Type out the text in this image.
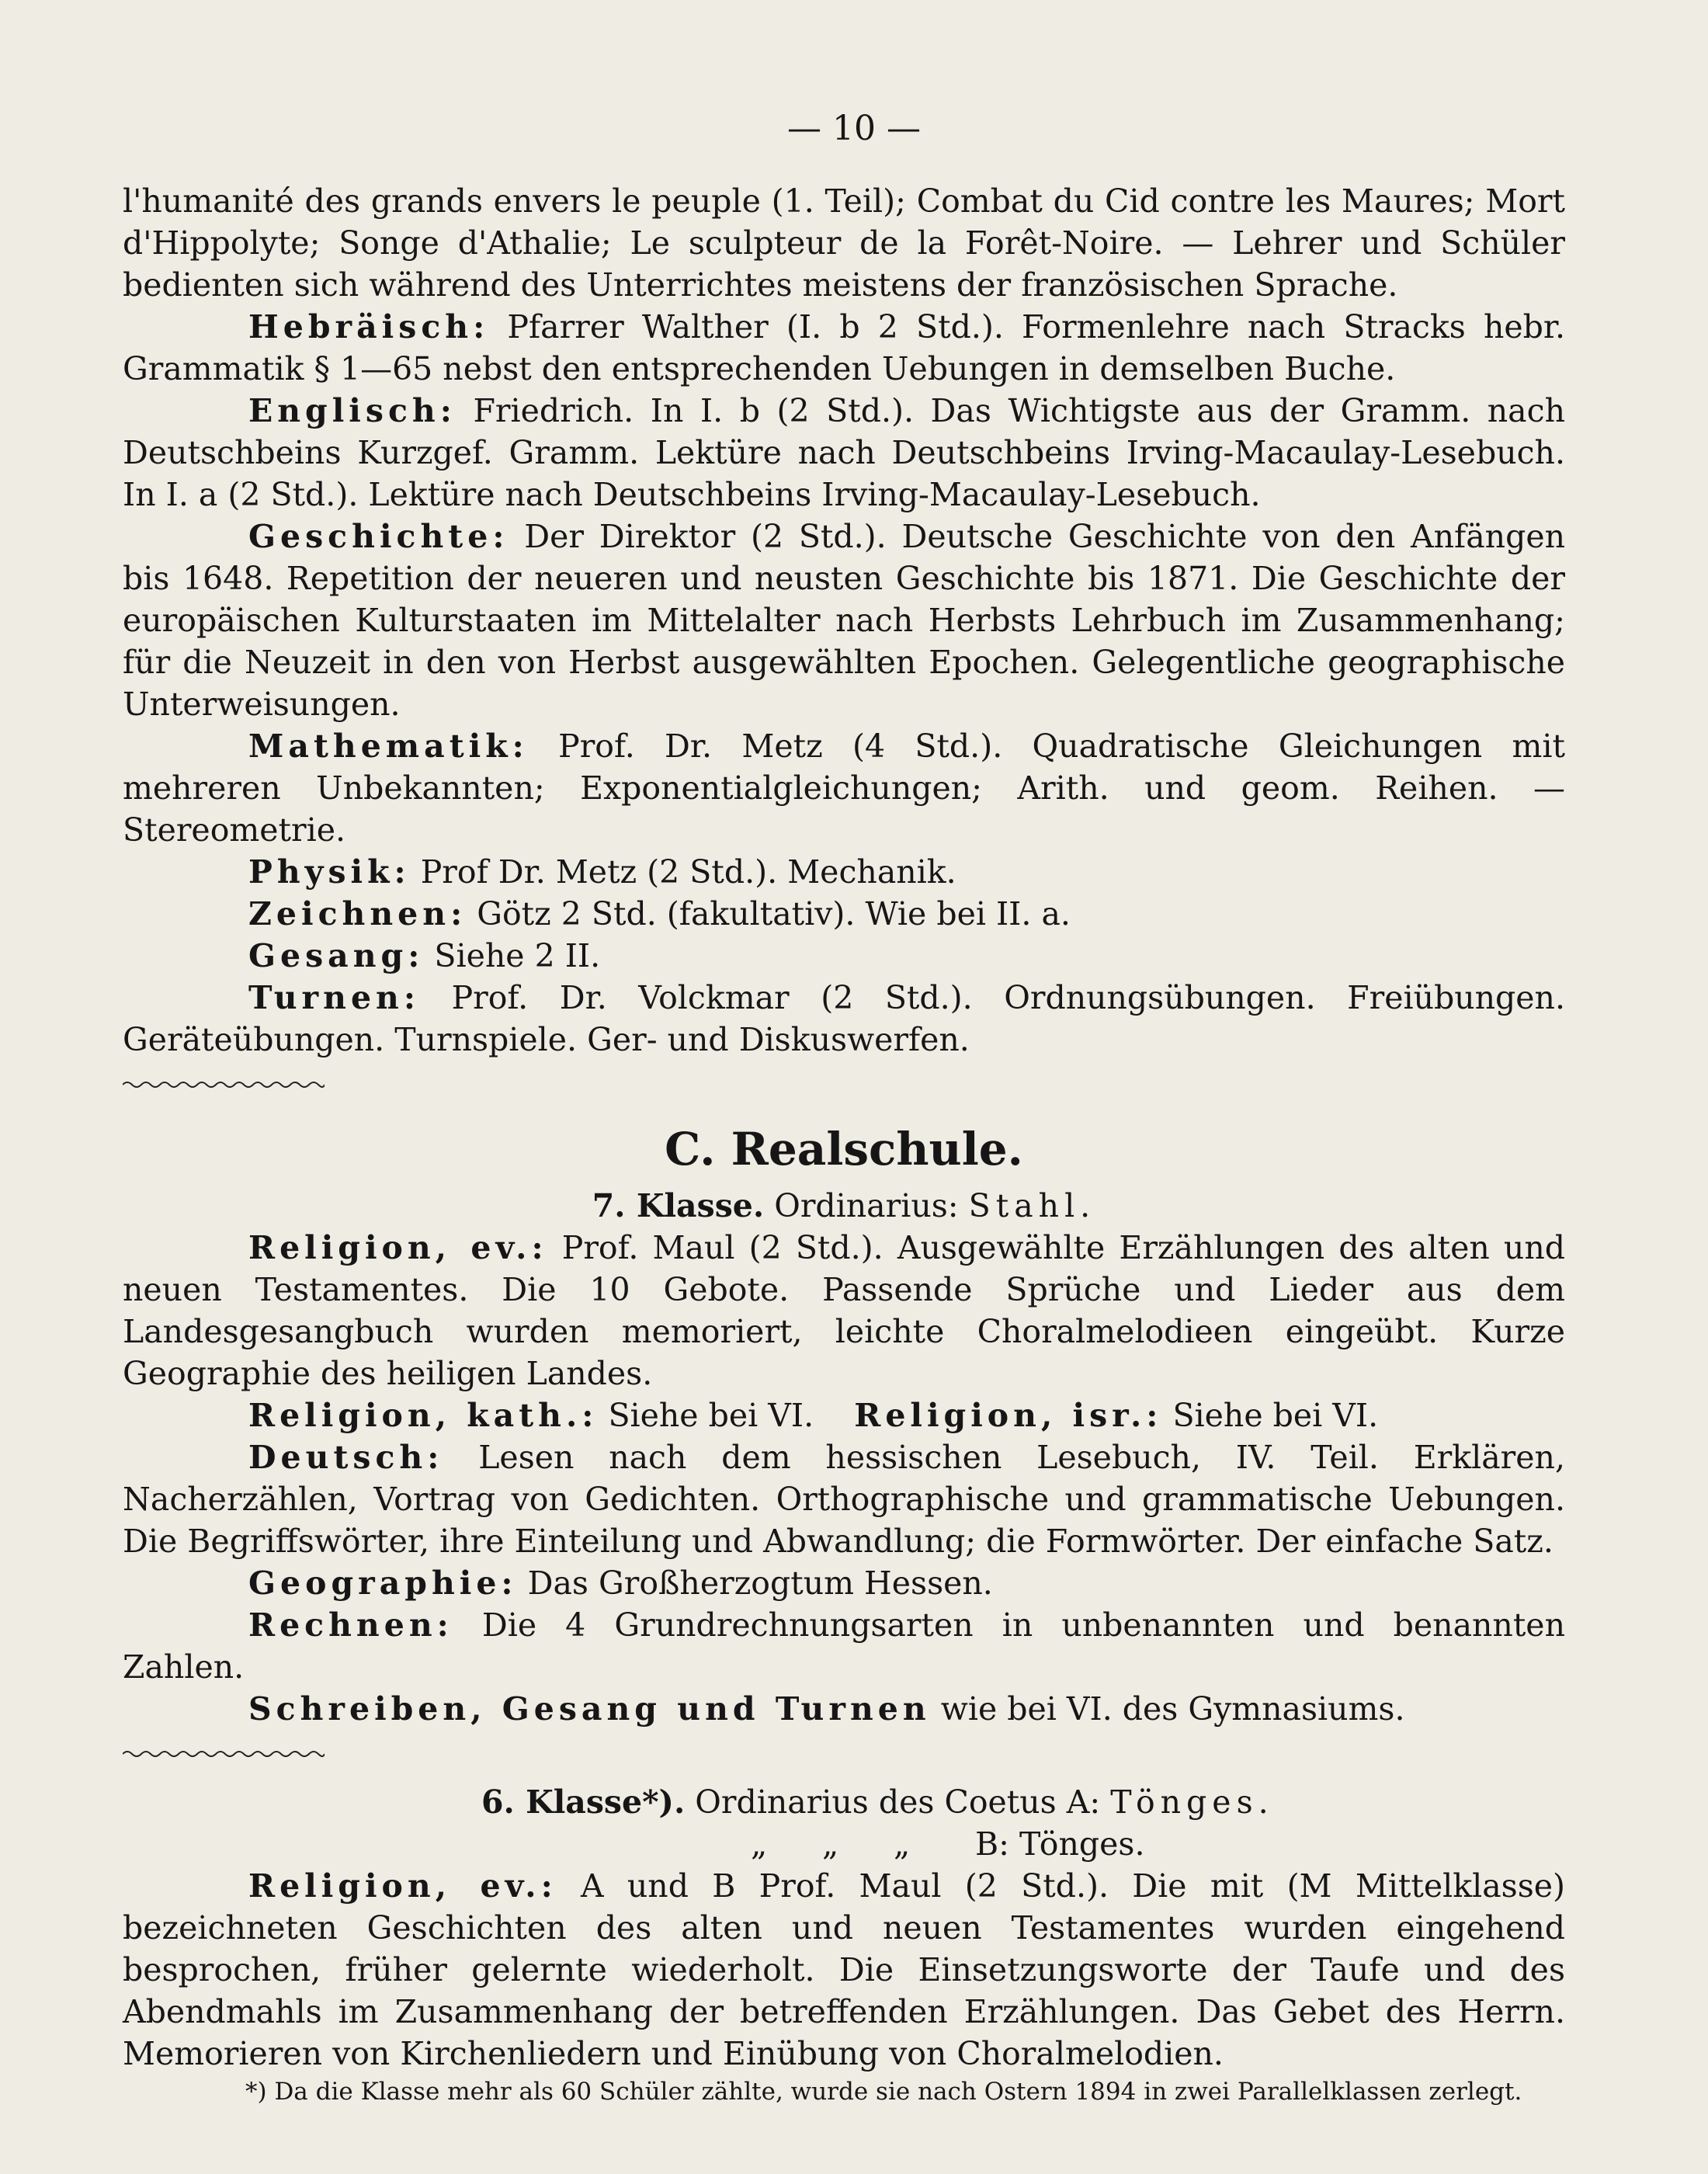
— 10 —

l'humanité des grands envers le peuple (1. Teil); Combat du Cid contre les Maures; Mort d'Hippolyte; Songe d'Athalie; Le sculpteur de la Forêt-Noire. — Lehrer und Schüler bedienten sich während des Unterrichtes meistens der französischen Sprache.

Hebräisch: Pfarrer Walther (I. b 2 Std.). Formenlehre nach Stracks hebr. Grammatik § 1—65 nebst den entsprechenden Uebungen in demselben Buche.

Englisch: Friedrich. In I. b (2 Std.). Das Wichtigste aus der Gramm. nach Deutschbeins Kurzgef. Gramm. Lektüre nach Deutschbeins Irving-Macaulay-Lesebuch. In I. a (2 Std.). Lektüre nach Deutschbeins Irving-Macaulay-Lesebuch.

Geschichte: Der Direktor (2 Std.). Deutsche Geschichte von den Anfängen bis 1648. Repetition der neueren und neusten Geschichte bis 1871. Die Geschichte der europäischen Kulturstaaten im Mittelalter nach Herbsts Lehrbuch im Zusammenhang; für die Neuzeit in den von Herbst ausgewählten Epochen. Gelegentliche geographische Unterweisungen.

Mathematik: Prof. Dr. Metz (4 Std.). Quadratische Gleichungen mit mehreren Unbekannten; Exponentialgleichungen; Arith. und geom. Reihen. — Stereometrie.

Physik: Prof Dr. Metz (2 Std.). Mechanik.

Zeichnen: Götz 2 Std. (fakultativ). Wie bei II. a.

Gesang: Siehe 2 II.

Turnen: Prof. Dr. Volckmar (2 Std.). Ordnungsübungen. Freiübungen. Geräteübungen. Turnspiele. Ger- und Diskuswerfen.

C. Realschule.

7. Klasse. Ordinarius: Stahl.

Religion, ev.: Prof. Maul (2 Std.). Ausgewählte Erzählungen des alten und neuen Testamentes. Die 10 Gebote. Passende Sprüche und Lieder aus dem Landesgesangbuch wurden memoriert, leichte Choralmelodieen eingeübt. Kurze Geographie des heiligen Landes.

Religion, kath.: Siehe bei VI. Religion, isr.: Siehe bei VI.

Deutsch: Lesen nach dem hessischen Lesebuch, IV. Teil. Erklären, Nacherzählen, Vortrag von Gedichten. Orthographische und grammatische Uebungen. Die Begriffswörter, ihre Einteilung und Abwandlung; die Formwörter. Der einfache Satz.

Geographie: Das Großherzogtum Hessen.

Rechnen: Die 4 Grundrechnungsarten in unbenannten und benannten Zahlen.

Schreiben, Gesang und Turnen wie bei VI. des Gymnasiums.

6. Klasse*). Ordinarius des Coetus A: Tönges.

„ „ „ B: Tönges.

Religion, ev.: A und B Prof. Maul (2 Std.). Die mit (M Mittelklasse) bezeichneten Geschichten des alten und neuen Testamentes wurden eingehend besprochen, früher gelernte wiederholt. Die Einsetzungsworte der Taufe und des Abendmahls im Zusammenhang der betreffenden Erzählungen. Das Gebet des Herrn. Memorieren von Kirchenliedern und Einübung von Choralmelodien.

*) Da die Klasse mehr als 60 Schüler zählte, wurde sie nach Ostern 1894 in zwei Parallelklassen zerlegt.
